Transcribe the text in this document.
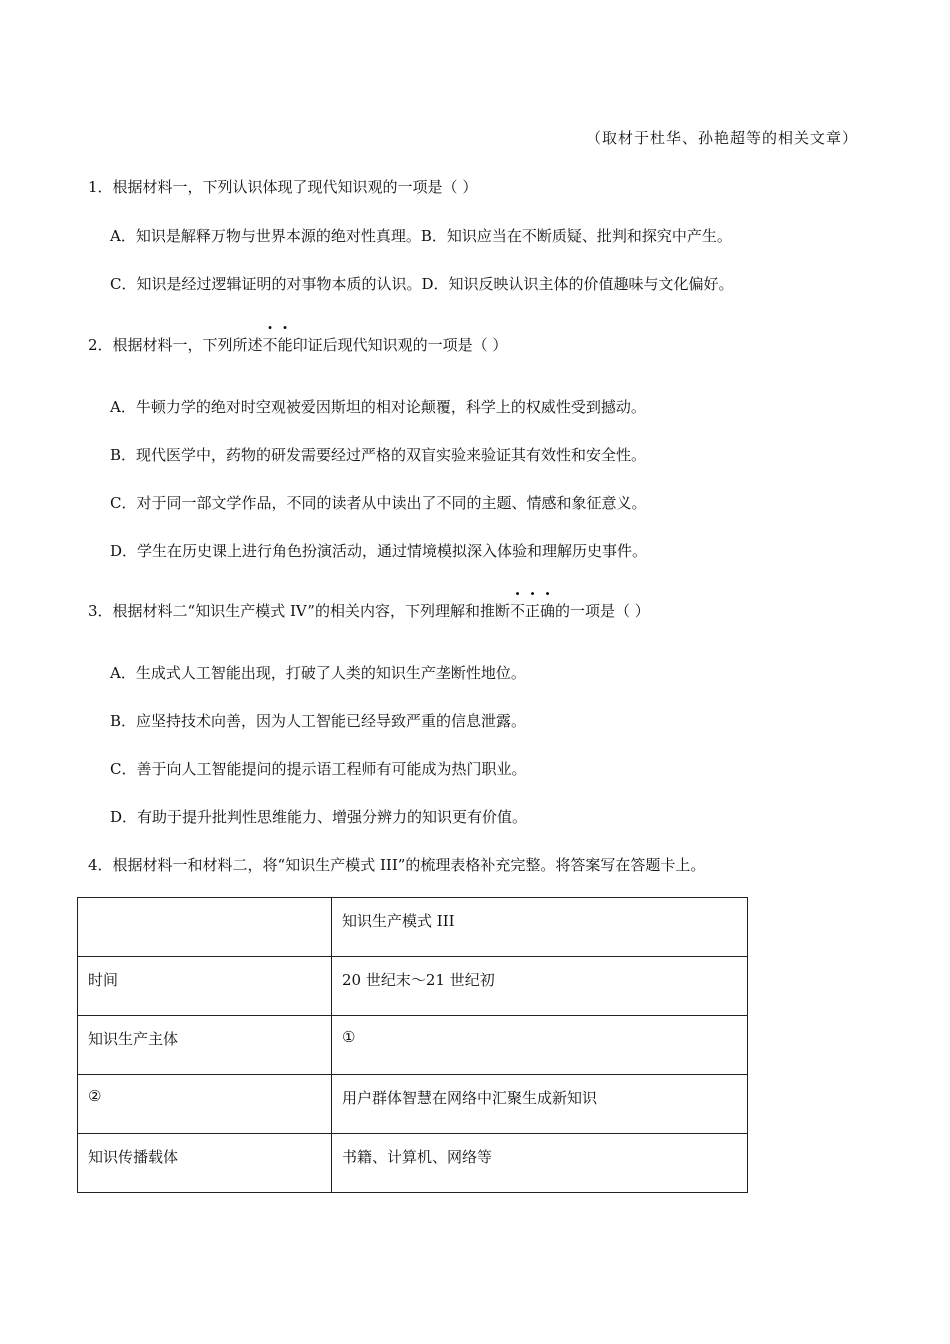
（取材于杜华、孙艳超等的相关文章）
1．根据材料一，下列认识体现了现代知识观的一项是（ ）
A．知识是解释万物与世界本源的绝对性真理。B．知识应当在不断质疑、批判和探究中产生。
C．知识是经过逻辑证明的对事物本质的认识。D．知识反映认识主体的价值趣味与文化偏好。
2．根据材料一，下列所述不能印证后现代知识观的一项是（ ）
A．牛顿力学的绝对时空观被爱因斯坦的相对论颠覆，科学上的权威性受到撼动。
B．现代医学中，药物的研发需要经过严格的双盲实验来验证其有效性和安全性。
C．对于同一部文学作品，不同的读者从中读出了不同的主题、情感和象征意义。
D．学生在历史课上进行角色扮演活动，通过情境模拟深入体验和理解历史事件。
3．根据材料二“知识生产模式 IV”的相关内容，下列理解和推断不正确的一项是（ ）
A．生成式人工智能出现，打破了人类的知识生产垄断性地位。
B．应坚持技术向善，因为人工智能已经导致严重的信息泄露。
C．善于向人工智能提问的提示语工程师有可能成为热门职业。
D．有助于提升批判性思维能力、增强分辨力的知识更有价值。
4．根据材料一和材料二，将“知识生产模式 III”的梳理表格补充完整。将答案写在答题卡上。
	知识生产模式 III
时间	20 世纪末～21 世纪初
知识生产主体	①
②	用户群体智慧在网络中汇聚生成新知识
知识传播载体	书籍、计算机、网络等
